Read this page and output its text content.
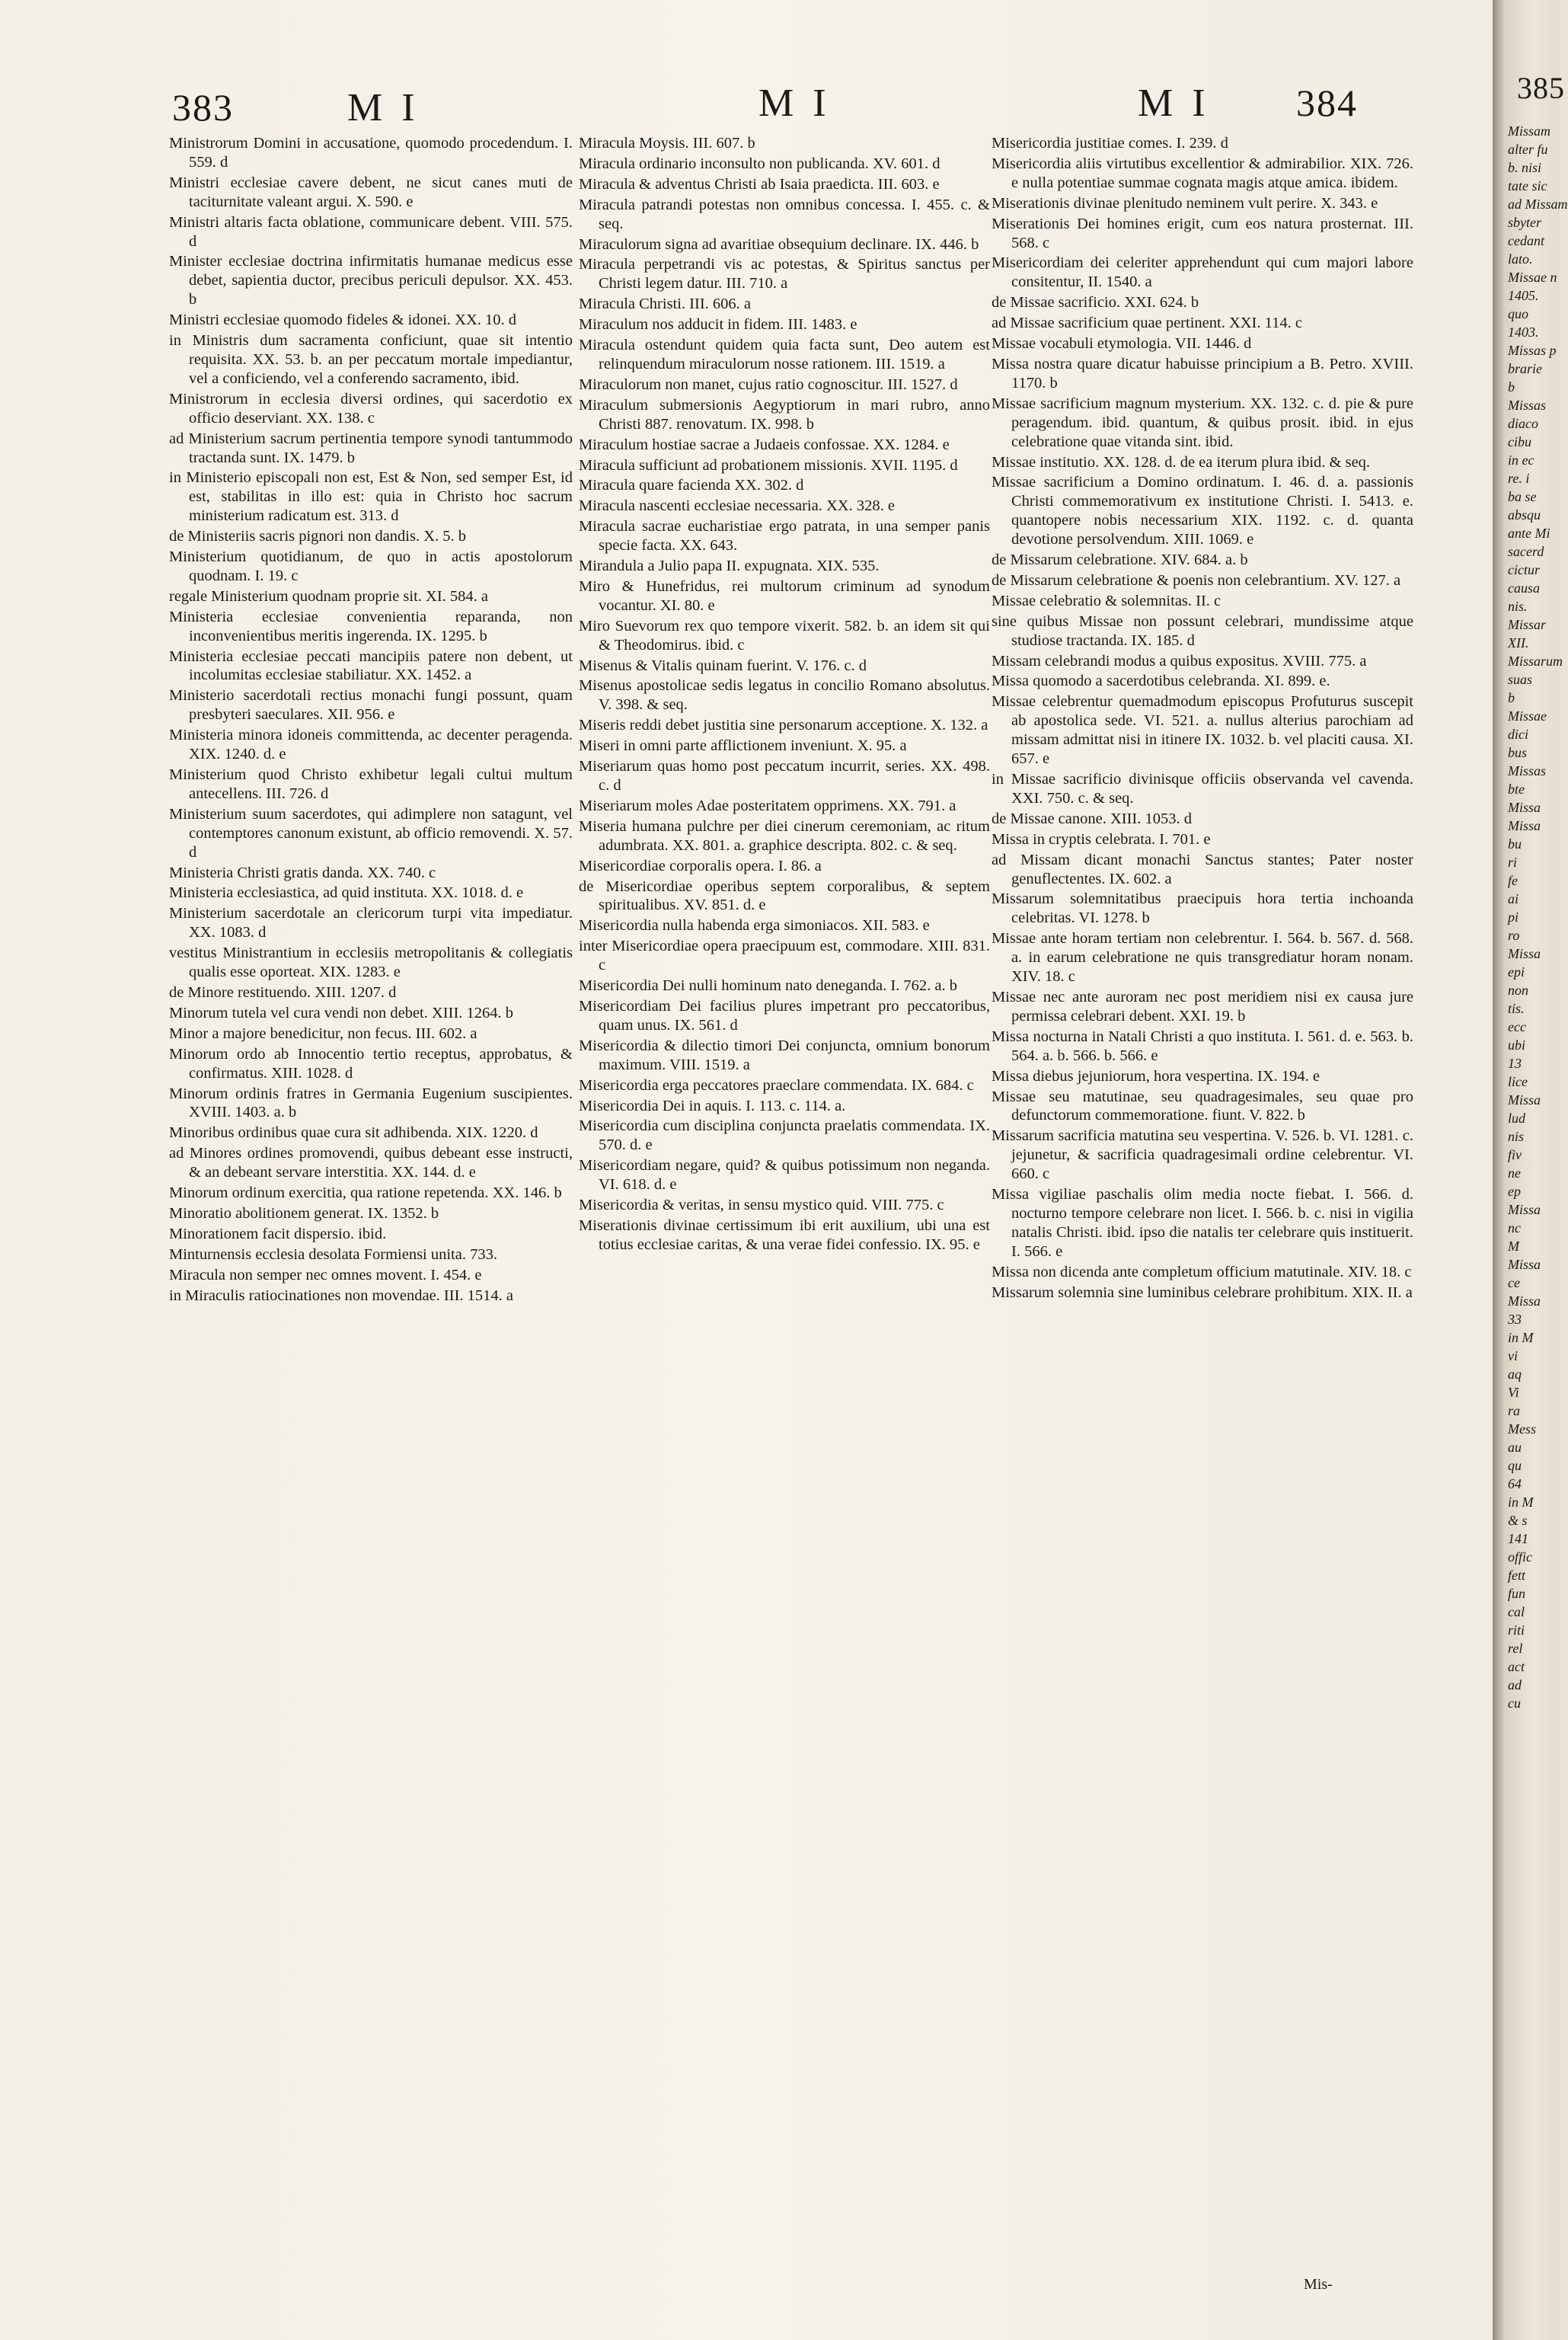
383	M I	M I	M I 384
Ministrorum Domini in accusatione, quomodo procedendum. I. 559. d
Ministri ecclesiae cavere debent, ne sicut canes muti de taciturnitate valeant argui. X. 590. e
Ministri altaris facta oblatione, communicare debent. VIII. 575. d
Minister ecclesiae doctrina infirmitatis humanae medicus esse debet, sapientia ductor, precibus periculi depulsor. XX. 453. b
Ministri ecclesiae quomodo fideles & idonei. XX. 10. d
in Ministris dum sacramenta conficiunt, quae sit intentio requisita. XX. 53. b. an per peccatum mortale impediantur, vel a conficiendo, vel a conferendo sacramento, ibid.
Ministrorum in ecclesia diversi ordines, qui sacerdotio ex officio deserviant. XX. 138. c
ad Ministerium sacrum pertinentia tempore synodi tantummodo tractanda sunt. IX. 1479. b
in Ministerio episcopali non est, Est & Non, sed semper Est, id est, stabilitas in illo est: quia in Christo hoc sacrum ministerium radicatum est. 313. d
de Ministeriis sacris pignori non dandis. X. 5. b
Ministerium quotidianum, de quo in actis apostolorum quodnam. I. 19. c
regale Ministerium quodnam proprie sit. XI. 584. a
Ministeria ecclesiae convenientia reparanda, non inconvenientibus meritis ingerenda. IX. 1295. b
Ministeria ecclesiae peccati mancipiis patere non debent, ut incolumitas ecclesiae stabiliatur. XX. 1452. a
Ministerio sacerdotali rectius monachi fungi possunt, quam presbyteri saeculares. XII. 956. e
Ministeria minora idoneis committenda, ac decenter peragenda. XIX. 1240. d. e
Ministerium quod Christo exhibetur legali cultui multum antecellens. III. 726. d
Ministerium suum sacerdotes, qui adimplere non satagunt, vel contemptores canonum existunt, ab officio removendi. X. 57. d
Ministeria Christi gratis danda. XX. 740. c
Ministeria ecclesiastica, ad quid instituta. XX. 1018. d. e
Ministerium sacerdotale an clericorum turpi vita impediatur. XX. 1083. d
vestitus Ministrantium in ecclesiis metropolitanis & collegiatis qualis esse oporteat. XIX. 1283. e
de Minore restituendo. XIII. 1207. d
Minorum tutela vel cura vendi non debet. XIII. 1264. b
Minor a majore benedicitur, non fecus. III. 602. a
Minorum ordo ab Innocentio tertio receptus, approbatus, & confirmatus. XIII. 1028. d
Minorum ordinis fratres in Germania Eugenium suscipientes. XVIII. 1403. a. b
Minoribus ordinibus quae cura sit adhibenda. XIX. 1220. d
ad Minores ordines promovendi, quibus debeant esse instructi, & an debeant servare interstitia. XX. 144. d. e
Minorum ordinum exercitia, qua ratione repetenda. XX. 146. b
Minoratio abolitionem generat. IX. 1352. b
Minorationem facit dispersio. ibid.
Minturnensis ecclesia desolata Formiensi unita. 733.
Miracula non semper nec omnes movent. I. 454. e
in Miraculis ratiocinationes non movendae. III. 1514. a
Miracula Moysis. III. 607. b
Miracula ordinario inconsulto non publicanda. XV. 601. d
Miracula & adventus Christi ab Isaia praedicta. III. 603. e
Miracula patrandi potestas non omnibus concessa. I. 455. c. & seq.
Miraculorum signa ad avaritiae obsequium declinare. IX. 446. b
Miracula perpetrandi vis ac potestas, & Spiritus sanctus per Christi legem datur. III. 710. a
Miracula Christi. III. 606. a
Miraculum nos adducit in fidem. III. 1483. e
Miracula ostendunt quidem quia facta sunt, Deo autem est relinquendum miraculorum nosse rationem. III. 1519. a
Miraculorum non manet, cujus ratio cognoscitur. III. 1527. d
Miraculum submersionis Aegyptiorum in mari rubro, anno Christi 887. renovatum. IX. 998. b
Miraculum hostiae sacrae a Judaeis confossae. XX. 1284. e
Miracula sufficiunt ad probationem missionis. XVII. 1195. d
Miracula quare facienda XX. 302. d
Miracula nascenti ecclesiae necessaria. XX. 328. e
Miracula sacrae eucharistiae ergo patrata, in una semper panis specie facta. XX. 643.
Mirandula a Julio papa II. expugnata. XIX. 535.
Miro & Hunefridus, rei multorum criminum ad synodum vocantur. XI. 80. e
Miro Suevorum rex quo tempore vixerit. 582. b. an idem sit qui & Theodomirus. ibid. c
Misenus & Vitalis quinam fuerint. V. 176. c. d
Misenus apostolicae sedis legatus in concilio Romano absolutus. V. 398. & seq.
Miseris reddi debet justitia sine personarum acceptione. X. 132. a
Miseri in omni parte afflictionem inveniunt. X. 95. a
Miseriarum quas homo post peccatum incurrit, series. XX. 498. c. d
Miseriarum moles Adae posteritatem opprimens. XX. 791. a
Miseria humana pulchre per diei cinerum ceremoniam, ac ritum adumbrata. XX. 801. a. graphice descripta. 802. c. & seq.
Misericordiae corporalis opera. I. 86. a
de Misericordiae operibus septem corporalibus, & septem spiritualibus. XV. 851. d. e
Misericordia nulla habenda erga simoniacos. XII. 583. e
inter Misericordiae opera praecipuum est, commodare. XIII. 831. c
Misericordia Dei nulli hominum nato deneganda. I. 762. a. b
Misericordiam Dei facilius plures impetrant pro peccatoribus, quam unus. IX. 561. d
Misericordia & dilectio timori Dei conjuncta, omnium bonorum maximum. VIII. 1519. a
Misericordia erga peccatores praeclare commendata. IX. 684. c
Misericordia Dei in aquis. I. 113. c. 114. a.
Misericordia cum disciplina conjuncta praelatis commendata. IX. 570. d. e
Misericordiam negare, quid? & quibus potissimum non neganda. VI. 618. d. e
Misericordia & veritas, in sensu mystico quid. VIII. 775. c
Miserationis divinae certissimum ibi erit auxilium, ubi una est totius ecclesiae caritas, & una verae fidei confessio. IX. 95. e
Misericordia justitiae comes. I. 239. d
Misericordia aliis virtutibus excellentior & admirabilior. XIX. 726. e nulla potentiae summae cognata magis atque amica. ibidem.
Miserationis divinae plenitudo neminem vult perire. X. 343. e
Miserationis Dei homines erigit, cum eos natura prosternat. III. 568. c
Misericordiam dei celeriter apprehendunt qui cum majori labore consitentur, II. 1540. a
de Missae sacrificio. XXI. 624. b
ad Missae sacrificium quae pertinent. XXI. 114. c
Missae vocabuli etymologia. VII. 1446. d
Missa nostra quare dicatur habuisse principium a B. Petro. XVIII. 1170. b
Missae sacrificium magnum mysterium. XX. 132. c. d. pie & pure peragendum. ibid. quantum, & quibus prosit. ibid. in ejus celebratione quae vitanda sint. ibid.
Missae institutio. XX. 128. d. de ea iterum plura ibid. & seq.
Missae sacrificium a Domino ordinatum. I. 46. d. a. passionis Christi commemorativum ex institutione Christi. I. 5413. e. quantopere nobis necessarium XIX. 1192. c. d. quanta devotione persolvendum. XIII. 1069. e
de Missarum celebratione. XIV. 684. a. b
de Missarum celebratione & poenis non celebrantium. XV. 127. a
Missae celebratio & solemnitas. II. c
sine quibus Missae non possunt celebrari, mundissime atque studiose tractanda. IX. 185. d
Missam celebrandi modus a quibus expositus. XVIII. 775. a
Missa quomodo a sacerdotibus celebranda. XI. 899. e.
Missae celebrentur quemadmodum episcopus Profuturus suscepit ab apostolica sede. VI. 521. a. nullus alterius parochiam ad missam admittat nisi in itinere IX. 1032. b. vel placiti causa. XI. 657. e
in Missae sacrificio divinisque officiis observanda vel cavenda. XXI. 750. c. & seq.
de Missae canone. XIII. 1053. d
Missa in cryptis celebrata. I. 701. e
ad Missam dicant monachi Sanctus stantes; Pater noster genuflectentes. IX. 602. a
Missarum solemnitatibus praecipuis hora tertia inchoanda celebritas. VI. 1278. b
Missae ante horam tertiam non celebrentur. I. 564. b. 567. d. 568. a. in earum celebratione ne quis transgrediatur horam nonam. XIV. 18. c
Missae nec ante auroram nec post meridiem nisi ex causa jure permissa celebrari debent. XXI. 19. b
Missa nocturna in Natali Christi a quo instituta. I. 561. d. e. 563. b. 564. a. b. 566. b. 566. e
Missa diebus jejuniorum, hora vespertina. IX. 194. e
Missae seu matutinae, seu quadragesimales, seu quae pro defunctorum commemoratione. fiunt. V. 822. b
Missarum sacrificia matutina seu vespertina. V. 526. b. VI. 1281. c. jejunetur, & sacrificia quadragesimali ordine celebrentur. VI. 660. c
Missa vigiliae paschalis olim media nocte fiebat. I. 566. d. nocturno tempore celebrare non licet. I. 566. b. c. nisi in vigilia natalis Christi. ibid. ipso die natalis ter celebrare quis instituerit. I. 566. e
Missa non dicenda ante completum officium matutinale. XIV. 18. c
Missarum solemnia sine luminibus celebrare prohibitum. XIX. II. a
Mis-
385
Missam
alter fu
b. nisi
tate sic
ad Missam
sbyter
cedant
lato.
Missae n
1405.
quo
1403.
Missas p
brarie
b
Missas
diaco
cibu
in ec
re. i
ba se
absqu
ante Mi
sacerd
cictur
causa
nis.
Missar
XII.
Missarum
suas
b
Missae
dici
bus
Missas
bte
Missa
Missa
bu
ri
fe
ai
pi
ro
Missa
epi
non
tis.
ecc
ubi
13
lice
Missa
lud
nis
fiv
ne
ep
Missa
nc
M
Missa
ce
Missa
33
in M
vi
aq
Vi
ra
Mess
au
qu
64
in M
& s
141
offic
fett
fun
cal
riti
rel
act
ad
cu
